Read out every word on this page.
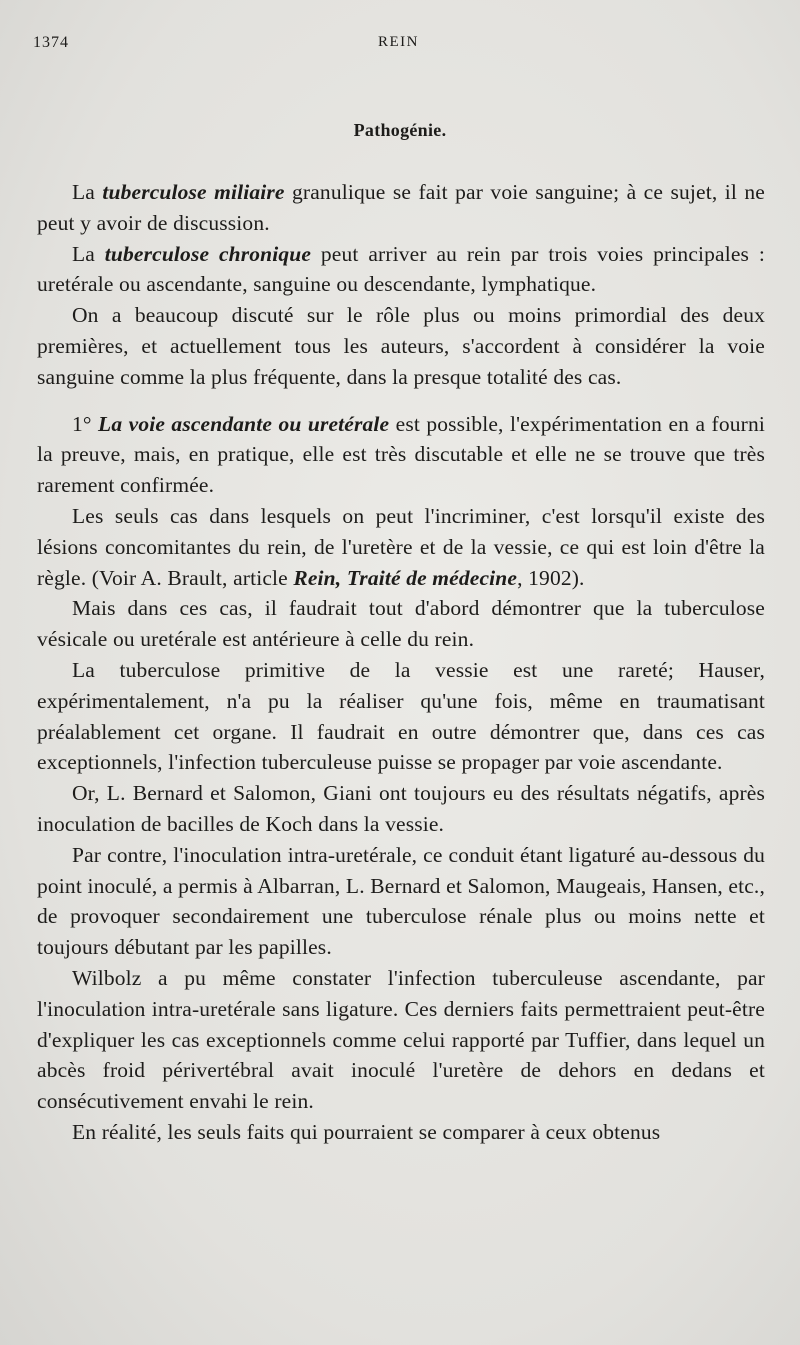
1374	REIN
Pathogénie.

La tuberculose miliaire granulique se fait par voie sanguine; à ce sujet, il ne peut y avoir de discussion.

La tuberculose chronique peut arriver au rein par trois voies principales : uretérale ou ascendante, sanguine ou descendante, lymphatique.

On a beaucoup discuté sur le rôle plus ou moins primordial des deux premières, et actuellement tous les auteurs, s'accordent à considérer la voie sanguine comme la plus fréquente, dans la presque totalité des cas.

1° La voie ascendante ou uretérale est possible, l'expérimentation en a fourni la preuve, mais, en pratique, elle est très discutable et elle ne se trouve que très rarement confirmée.

Les seuls cas dans lesquels on peut l'incriminer, c'est lorsqu'il existe des lésions concomitantes du rein, de l'uretère et de la vessie, ce qui est loin d'être la règle. (Voir A. Brault, article Rein, Traité de médecine, 1902).

Mais dans ces cas, il faudrait tout d'abord démontrer que la tuberculose vésicale ou uretérale est antérieure à celle du rein.

La tuberculose primitive de la vessie est une rareté; Hauser, expérimentalement, n'a pu la réaliser qu'une fois, même en traumatisant préalablement cet organe. Il faudrait en outre démontrer que, dans ces cas exceptionnels, l'infection tuberculeuse puisse se propager par voie ascendante.

Or, L. Bernard et Salomon, Giani ont toujours eu des résultats négatifs, après inoculation de bacilles de Koch dans la vessie.

Par contre, l'inoculation intra-uretérale, ce conduit étant ligaturé au-dessous du point inoculé, a permis à Albarran, L. Bernard et Salomon, Maugeais, Hansen, etc., de provoquer secondairement une tuberculose rénale plus ou moins nette et toujours débutant par les papilles.

Wilbolz a pu même constater l'infection tuberculeuse ascendante, par l'inoculation intra-uretérale sans ligature. Ces derniers faits permettraient peut-être d'expliquer les cas exceptionnels comme celui rapporté par Tuffier, dans lequel un abcès froid périvertébral avait inoculé l'uretère de dehors en dedans et consécutivement envahi le rein.

En réalité, les seuls faits qui pourraient se comparer à ceux obtenus
